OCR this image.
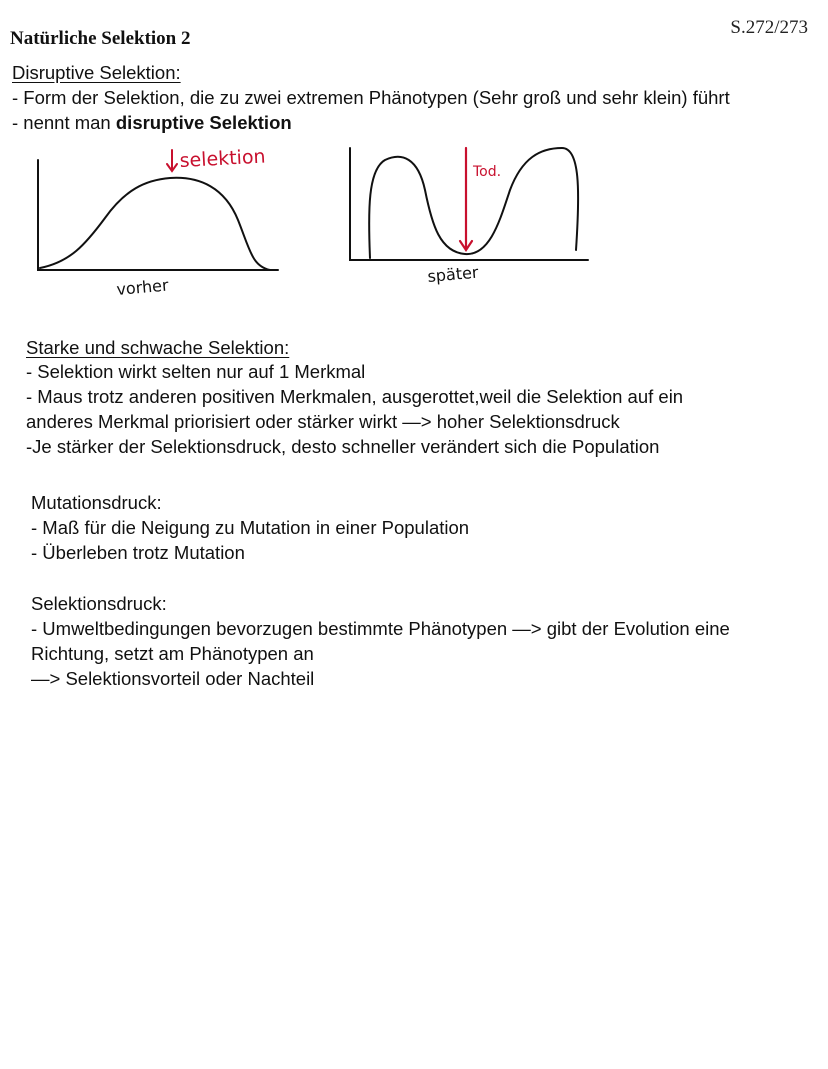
S.272/273
Natürliche Selektion 2
Disruptive Selektion:
- Form der Selektion, die zu zwei extremen Phänotypen (Sehr groß und sehr klein) führt
- nennt man disruptive Selektion
selektion
vorher
Tod.
später
Starke und schwache Selektion:
- Selektion wirkt selten nur auf 1 Merkmal
- Maus trotz anderen positiven Merkmalen, ausgerottet,weil die Selektion auf ein
anderes Merkmal priorisiert oder stärker wirkt —> hoher Selektionsdruck
-Je stärker der Selektionsdruck, desto schneller verändert sich die Population
Mutationsdruck:
- Maß für die Neigung zu Mutation in einer Population
- Überleben trotz Mutation
Selektionsdruck:
- Umweltbedingungen bevorzugen bestimmte Phänotypen —> gibt der Evolution eine
Richtung, setzt am Phänotypen an
—> Selektionsvorteil oder Nachteil
